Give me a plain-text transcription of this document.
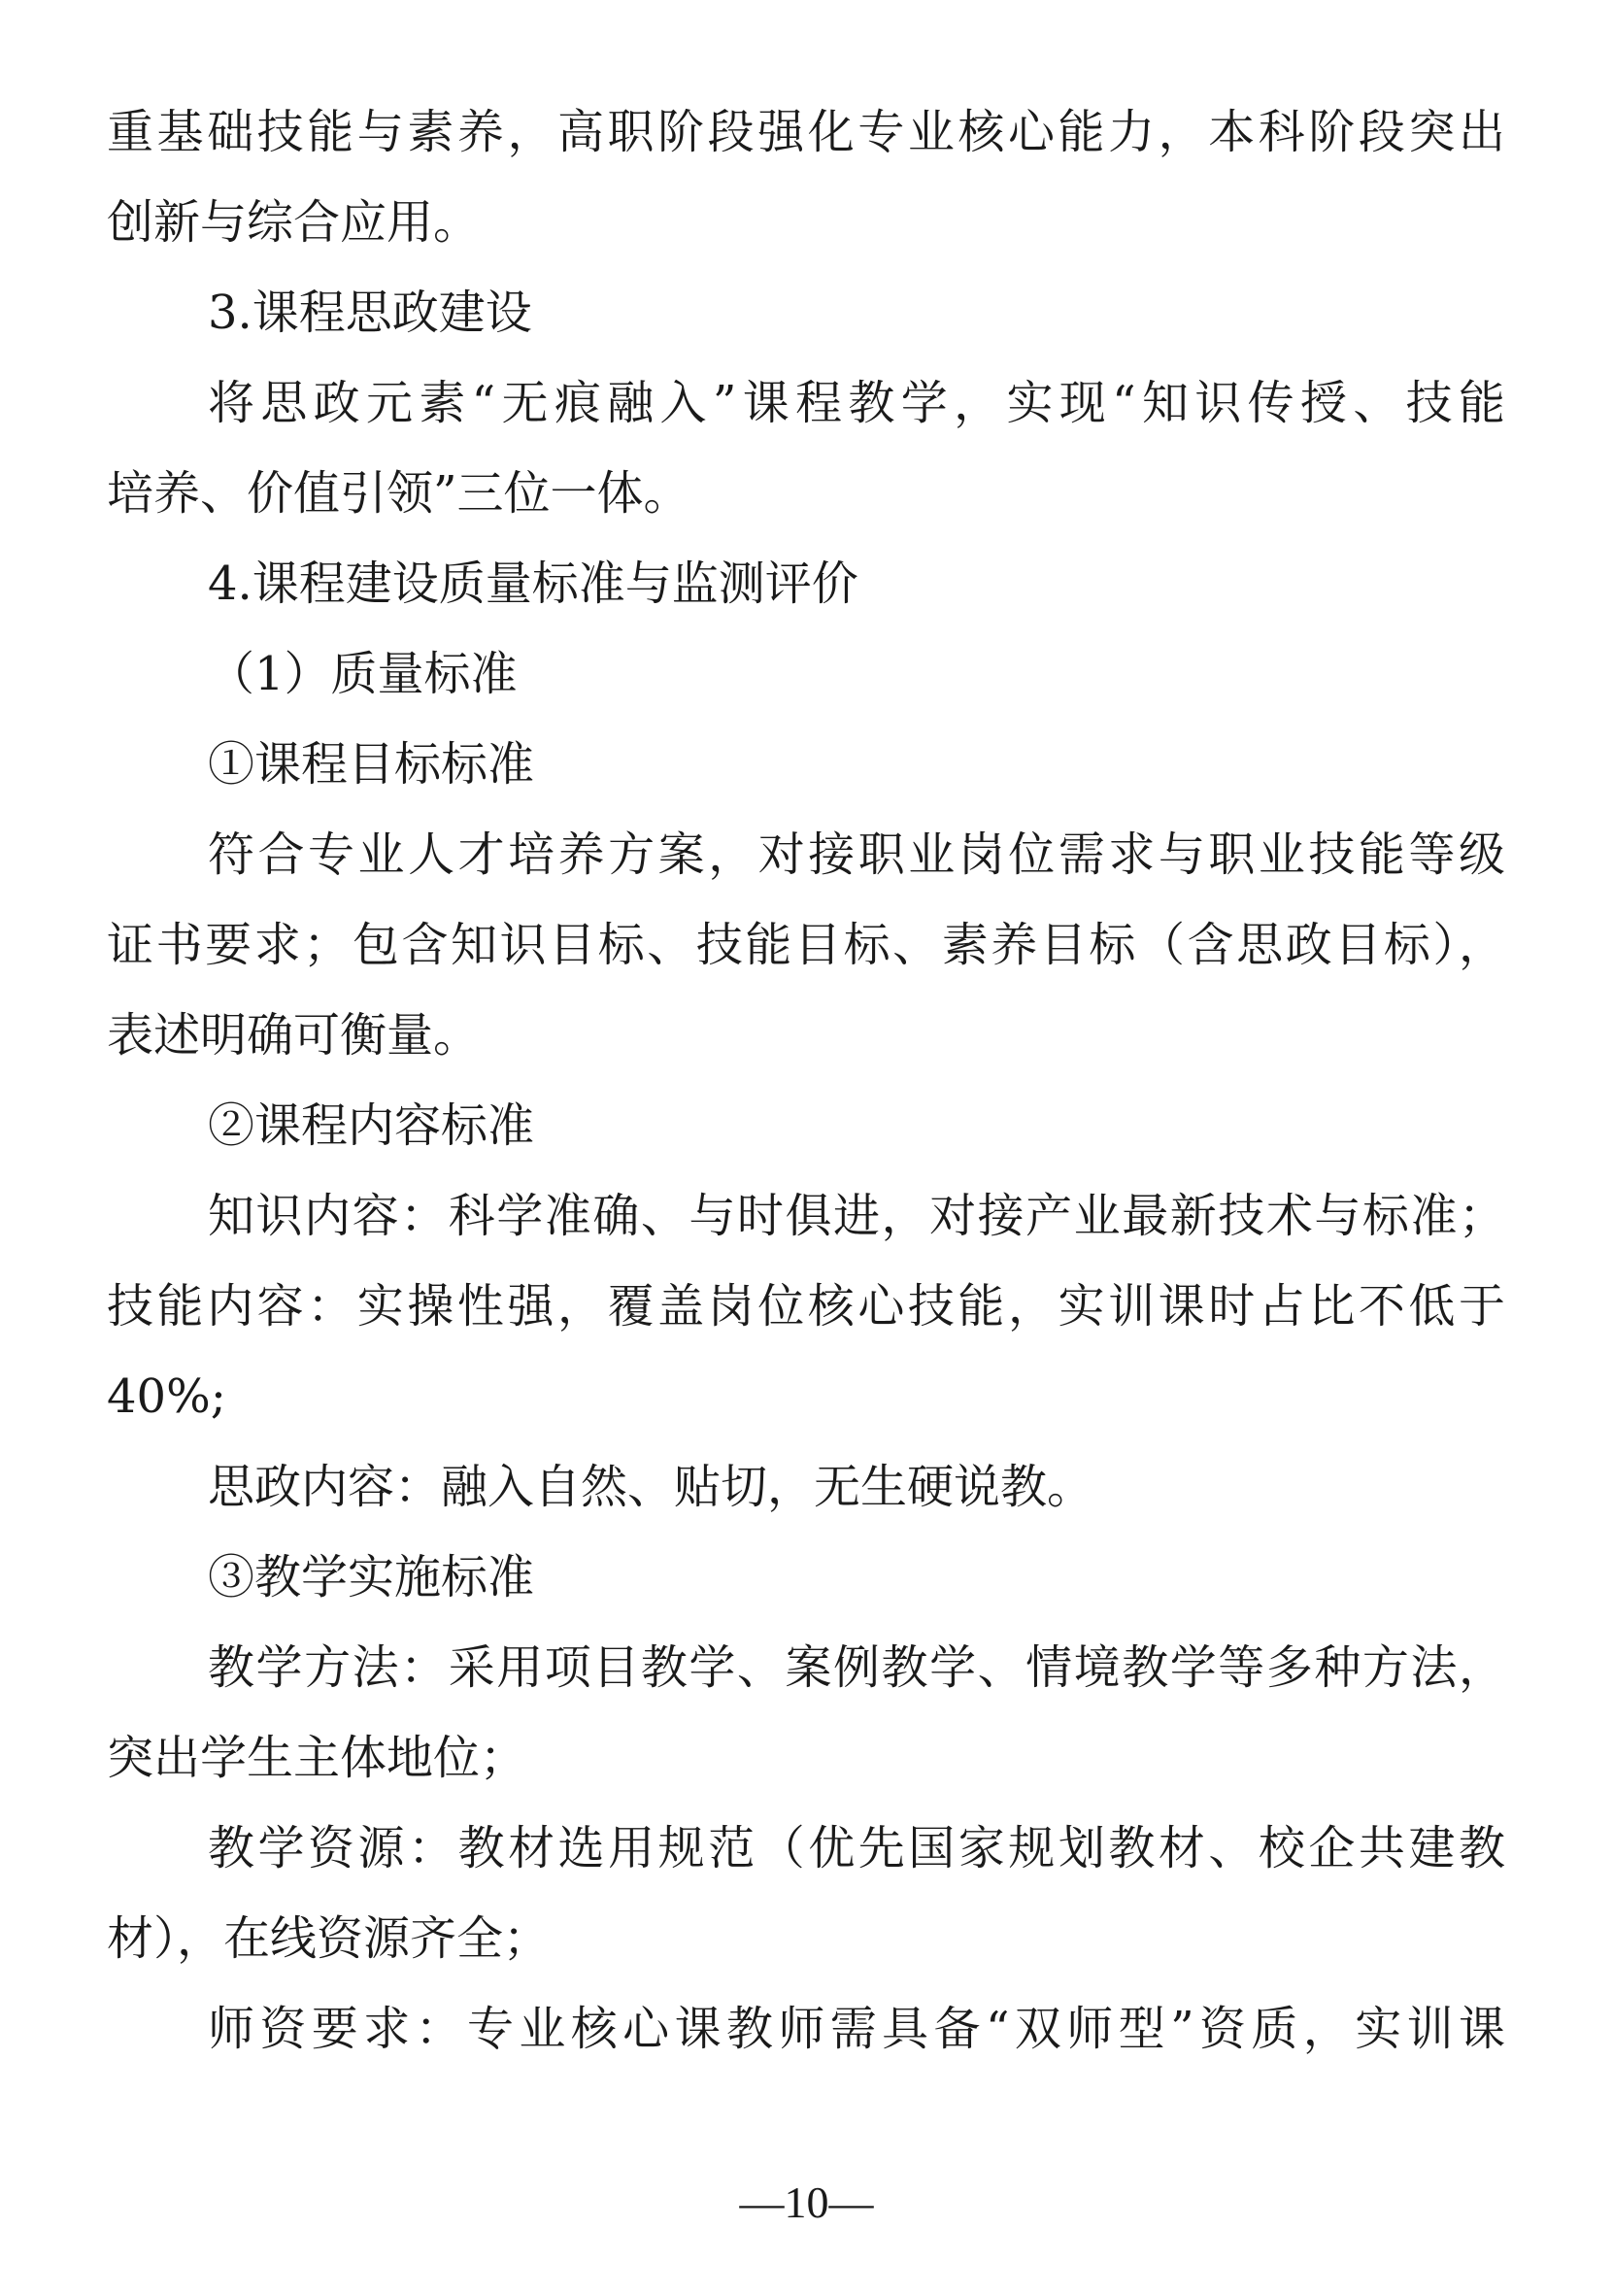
重基础技能与素养，高职阶段强化专业核心能力，本科阶段突出
创新与综合应用。
3.课程思政建设
将思政元素“无痕融入”课程教学，实现“知识传授、技能
培养、价值引领”三位一体。
4.课程建设质量标准与监测评价
（1）质量标准
①课程目标标准
符合专业人才培养方案，对接职业岗位需求与职业技能等级
证书要求；包含知识目标、技能目标、素养目标（含思政目标），
表述明确可衡量。
②课程内容标准
知识内容：科学准确、与时俱进，对接产业最新技术与标准；
技能内容：实操性强，覆盖岗位核心技能，实训课时占比不低于
40%;
思政内容：融入自然、贴切，无生硬说教。
③教学实施标准
教学方法：采用项目教学、案例教学、情境教学等多种方法，
突出学生主体地位；
教学资源：教材选用规范（优先国家规划教材、校企共建教
材），在线资源齐全；
师资要求：专业核心课教师需具备“双师型”资质，实训课
—10—
